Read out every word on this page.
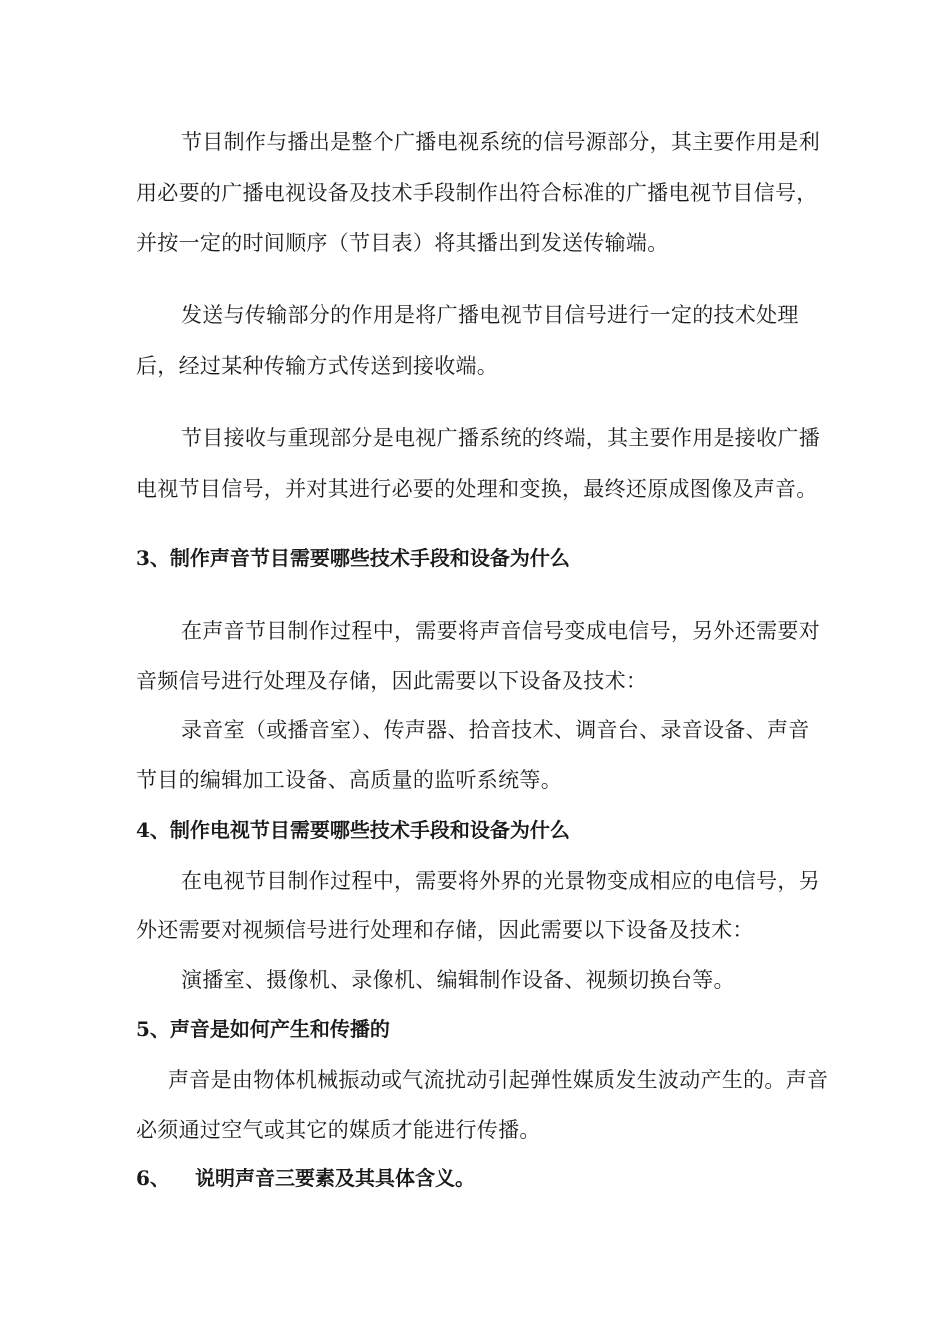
节目制作与播出是整个广播电视系统的信号源部分，其主要作用是利

用必要的广播电视设备及技术手段制作出符合标准的广播电视节目信号，

并按一定的时间顺序（节目表）将其播出到发送传输端。

发送与传输部分的作用是将广播电视节目信号进行一定的技术处理

后，经过某种传输方式传送到接收端。

节目接收与重现部分是电视广播系统的终端，其主要作用是接收广播

电视节目信号，并对其进行必要的处理和变换，最终还原成图像及声音。

3、制作声音节目需要哪些技术手段和设备为什么

在声音节目制作过程中，需要将声音信号变成电信号，另外还需要对

音频信号进行处理及存储，因此需要以下设备及技术：

录音室（或播音室）、传声器、拾音技术、调音台、录音设备、声音

节目的编辑加工设备、高质量的监听系统等。

4、制作电视节目需要哪些技术手段和设备为什么

在电视节目制作过程中，需要将外界的光景物变成相应的电信号，另

外还需要对视频信号进行处理和存储，因此需要以下设备及技术：

演播室、摄像机、录像机、编辑制作设备、视频切换台等。

5、声音是如何产生和传播的

声音是由物体机械振动或气流扰动引起弹性媒质发生波动产生的。声音

必须通过空气或其它的媒质才能进行传播。

6、 说明声音三要素及其具体含义。
